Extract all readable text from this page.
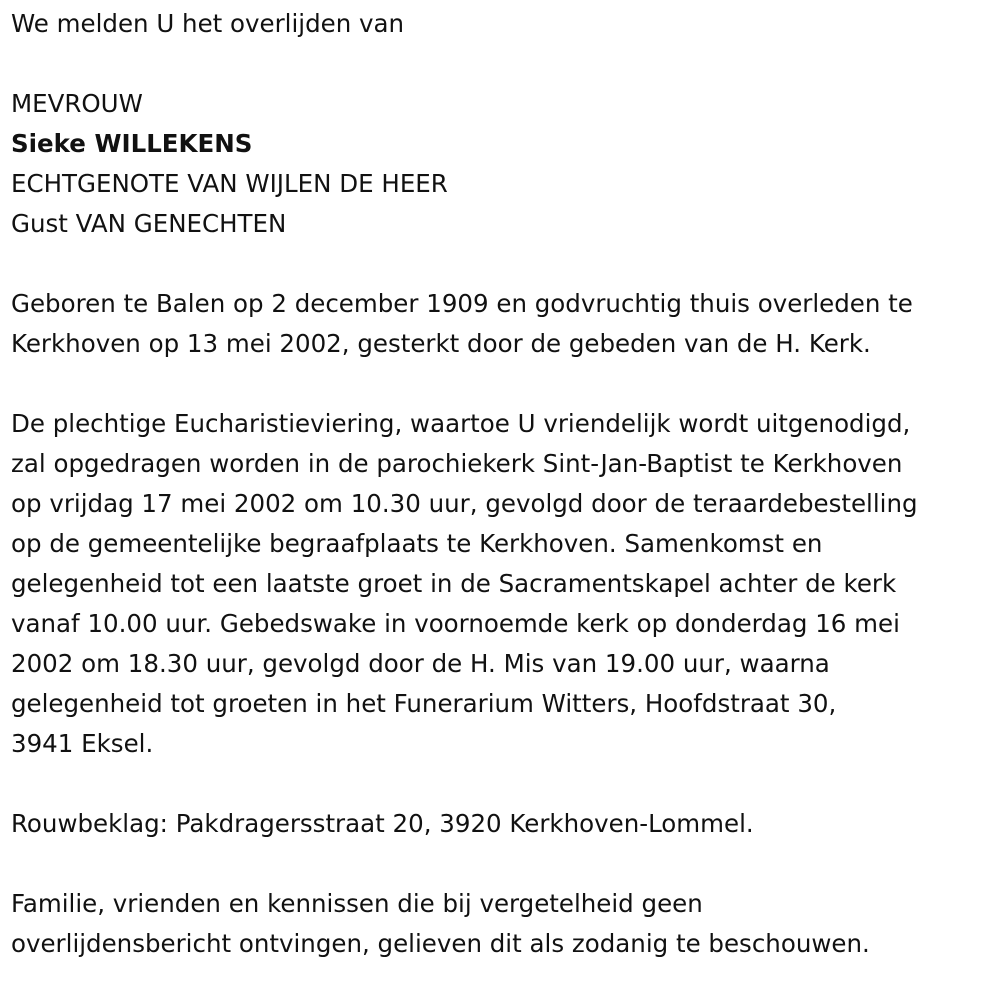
We melden U het overlijden van

MEVROUW

Sieke WILLEKENS

ECHTGENOTE VAN WIJLEN DE HEER

Gust VAN GENECHTEN

Geboren te Balen op 2 december 1909 en godvruchtig thuis overleden te

Kerkhoven op 13 mei 2002, gesterkt door de gebeden van de H. Kerk.

De plechtige Eucharistieviering, waartoe U vriendelijk wordt uitgenodigd,

zal opgedragen worden in de parochiekerk Sint-Jan-Baptist te Kerkhoven

op vrijdag 17 mei 2002 om 10.30 uur, gevolgd door de teraardebestelling

op de gemeentelijke begraafplaats te Kerkhoven. Samenkomst en

gelegenheid tot een laatste groet in de Sacramentskapel achter de kerk

vanaf 10.00 uur. Gebedswake in voornoemde kerk op donderdag 16 mei

2002 om 18.30 uur, gevolgd door de H. Mis van 19.00 uur, waarna

gelegenheid tot groeten in het Funerarium Witters, Hoofdstraat 30,

3941 Eksel.

Rouwbeklag: Pakdragersstraat 20, 3920 Kerkhoven-Lommel.

Familie, vrienden en kennissen die bij vergetelheid geen

overlijdensbericht ontvingen, gelieven dit als zodanig te beschouwen.
